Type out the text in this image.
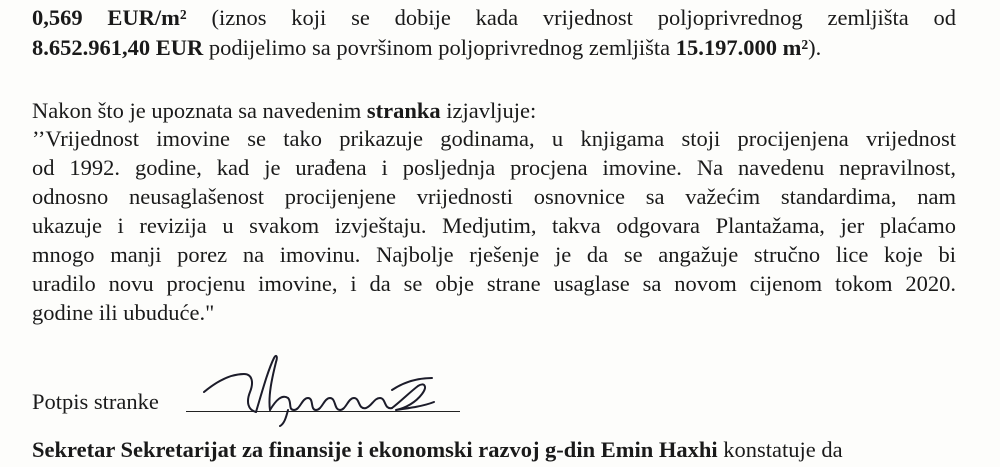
0,569 EUR/m² (iznos koji se dobije kada vrijednost poljoprivrednog zemljišta od
8.652.961,40 EUR podijelimo sa površinom poljoprivrednog zemljišta 15.197.000 m²).
Nakon što je upoznata sa navedenim stranka izjavljuje:
’’Vrijednost imovine se tako prikazuje godinama, u knjigama stoji procijenjena vrijednost
od 1992. godine, kad je urađena i posljednja procjena imovine. Na navedenu nepravilnost,
odnosno neusaglašenost procijenjene vrijednosti osnovnice sa važećim standardima, nam
ukazuje i revizija u svakom izvještaju. Medjutim, takva odgovara Plantažama, jer plaćamo
mnogo manji porez na imovinu. Najbolje rješenje je da se angažuje stručno lice koje bi
uradilo novu procjenu imovine, i da se obje strane usaglase sa novom cijenom tokom 2020.
godine ili ubuduće."
Potpis stranke
Sekretar Sekretarijat za finansije i ekonomski razvoj g-din Emin Haxhi konstatuje da
